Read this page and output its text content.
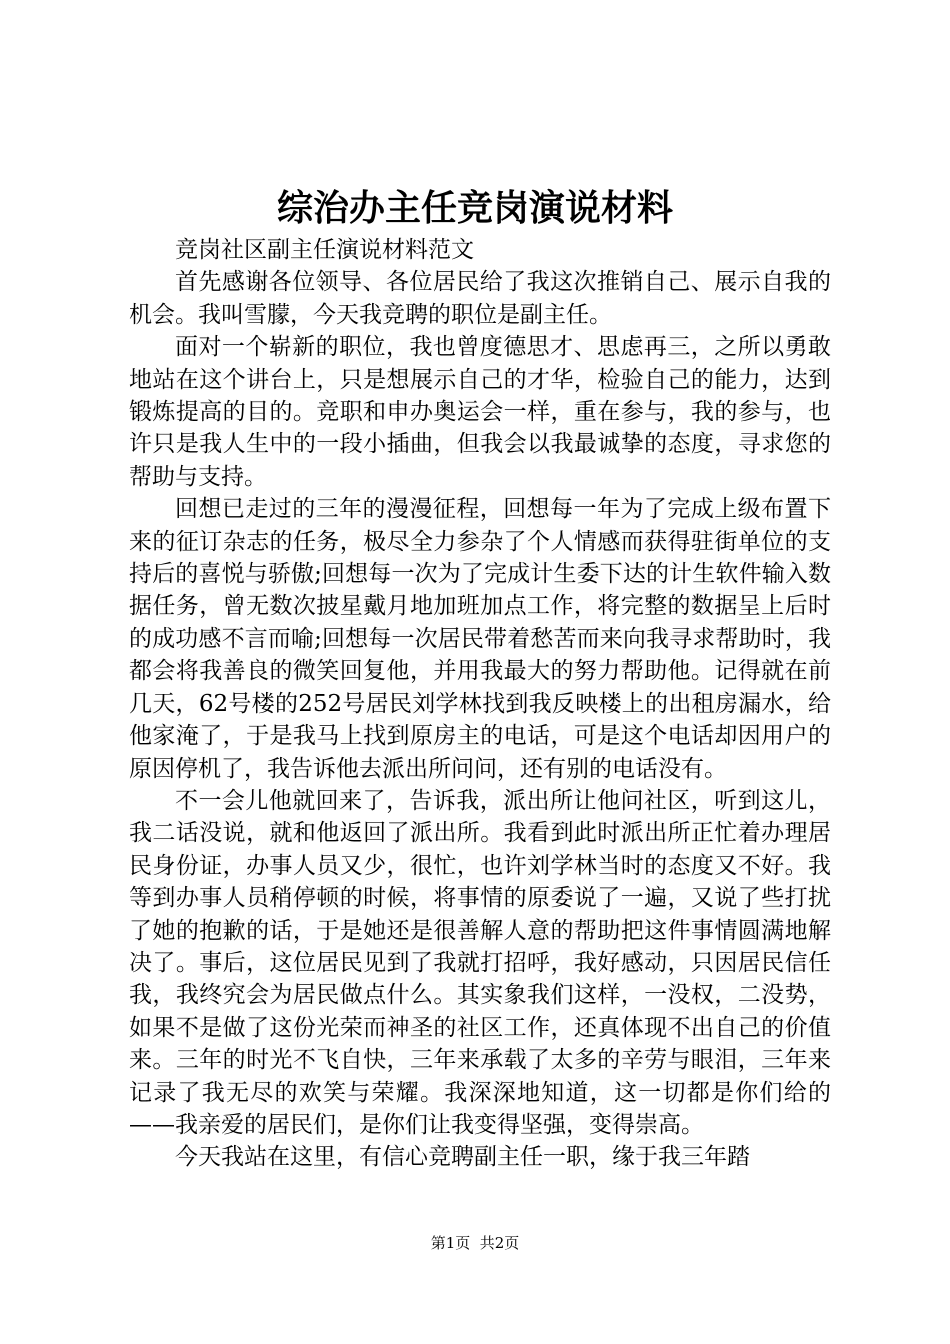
综治办主任竞岗演说材料

竞岗社区副主任演说材料范文

首先感谢各位领导、各位居民给了我这次推销自己、展示自我的机会。我叫雪朦，今天我竞聘的职位是副主任。

面对一个崭新的职位，我也曾度德思才、思虑再三，之所以勇敢地站在这个讲台上，只是想展示自己的才华，检验自己的能力，达到锻炼提高的目的。竞职和申办奥运会一样，重在参与，我的参与，也许只是我人生中的一段小插曲，但我会以我最诚挚的态度，寻求您的帮助与支持。

回想已走过的三年的漫漫征程，回想每一年为了完成上级布置下来的征订杂志的任务，极尽全力参杂了个人情感而获得驻街单位的支持后的喜悦与骄傲;回想每一次为了完成计生委下达的计生软件输入数据任务，曾无数次披星戴月地加班加点工作，将完整的数据呈上后时的成功感不言而喻;回想每一次居民带着愁苦而来向我寻求帮助时，我都会将我善良的微笑回复他，并用我最大的努力帮助他。记得就在前几天，62号楼的252号居民刘学林找到我反映楼上的出租房漏水，给他家淹了，于是我马上找到原房主的电话，可是这个电话却因用户的原因停机了，我告诉他去派出所问问，还有别的电话没有。

不一会儿他就回来了，告诉我，派出所让他问社区，听到这儿，我二话没说，就和他返回了派出所。我看到此时派出所正忙着办理居民身份证，办事人员又少，很忙，也许刘学林当时的态度又不好。我等到办事人员稍停顿的时候，将事情的原委说了一遍，又说了些打扰了她的抱歉的话，于是她还是很善解人意的帮助把这件事情圆满地解决了。事后，这位居民见到了我就打招呼，我好感动，只因居民信任我，我终究会为居民做点什么。其实象我们这样，一没权，二没势，如果不是做了这份光荣而神圣的社区工作，还真体现不出自己的价值来。三年的时光不飞自快，三年来承载了太多的辛劳与眼泪，三年来记录了我无尽的欢笑与荣耀。我深深地知道，这一切都是你们给的——我亲爱的居民们，是你们让我变得坚强，变得崇高。

今天我站在这里，有信心竞聘副主任一职，缘于我三年踏

第1页  共2页
